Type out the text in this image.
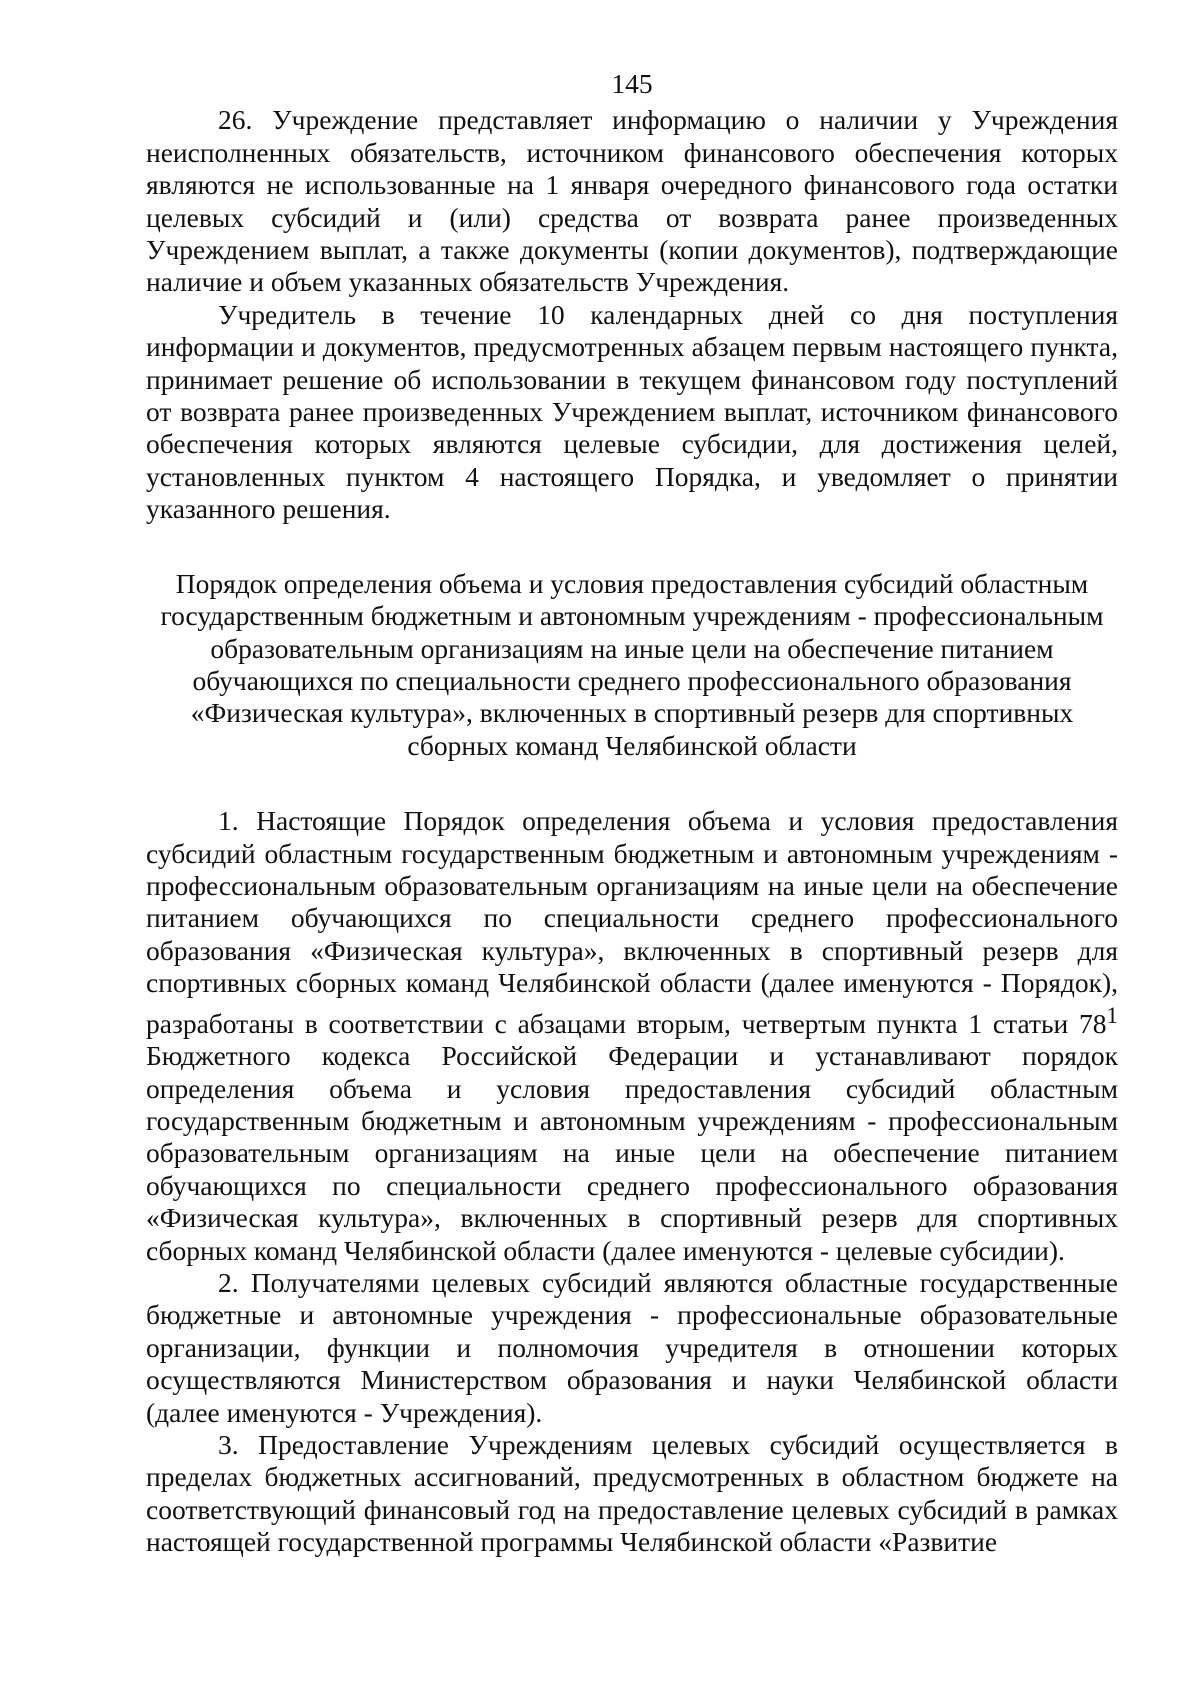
145

26. Учреждение представляет информацию о наличии у Учреждения неисполненных обязательств, источником финансового обеспечения которых являются не использованные на 1 января очередного финансового года остатки целевых субсидий и (или) средства от возврата ранее произведенных Учреждением выплат, а также документы (копии документов), подтверждающие наличие и объем указанных обязательств Учреждения.

Учредитель в течение 10 календарных дней со дня поступления информации и документов, предусмотренных абзацем первым настоящего пункта, принимает решение об использовании в текущем финансовом году поступлений от возврата ранее произведенных Учреждением выплат, источником финансового обеспечения которых являются целевые субсидии, для достижения целей, установленных пунктом 4 настоящего Порядка, и уведомляет о принятии указанного решения.

Порядок определения объема и условия предоставления субсидий областным государственным бюджетным и автономным учреждениям - профессиональным образовательным организациям на иные цели на обеспечение питанием обучающихся по специальности среднего профессионального образования «Физическая культура», включенных в спортивный резерв для спортивных сборных команд Челябинской области

1. Настоящие Порядок определения объема и условия предоставления субсидий областным государственным бюджетным и автономным учреждениям - профессиональным образовательным организациям на иные цели на обеспечение питанием обучающихся по специальности среднего профессионального образования «Физическая культура», включенных в спортивный резерв для спортивных сборных команд Челябинской области (далее именуются - Порядок), разработаны в соответствии с абзацами вторым, четвертым пункта 1 статьи $78^1$ Бюджетного кодекса Российской Федерации и устанавливают порядок определения объема и условия предоставления субсидий областным государственным бюджетным и автономным учреждениям - профессиональным образовательным организациям на иные цели на обеспечение питанием обучающихся по специальности среднего профессионального образования «Физическая культура», включенных в спортивный резерв для спортивных сборных команд Челябинской области (далее именуются - целевые субсидии).

2. Получателями целевых субсидий являются областные государственные бюджетные и автономные учреждения - профессиональные образовательные организации, функции и полномочия учредителя в отношении которых осуществляются Министерством образования и науки Челябинской области (далее именуются - Учреждения).

3. Предоставление Учреждениям целевых субсидий осуществляется в пределах бюджетных ассигнований, предусмотренных в областном бюджете на соответствующий финансовый год на предоставление целевых субсидий в рамках настоящей государственной программы Челябинской области «Развитие
